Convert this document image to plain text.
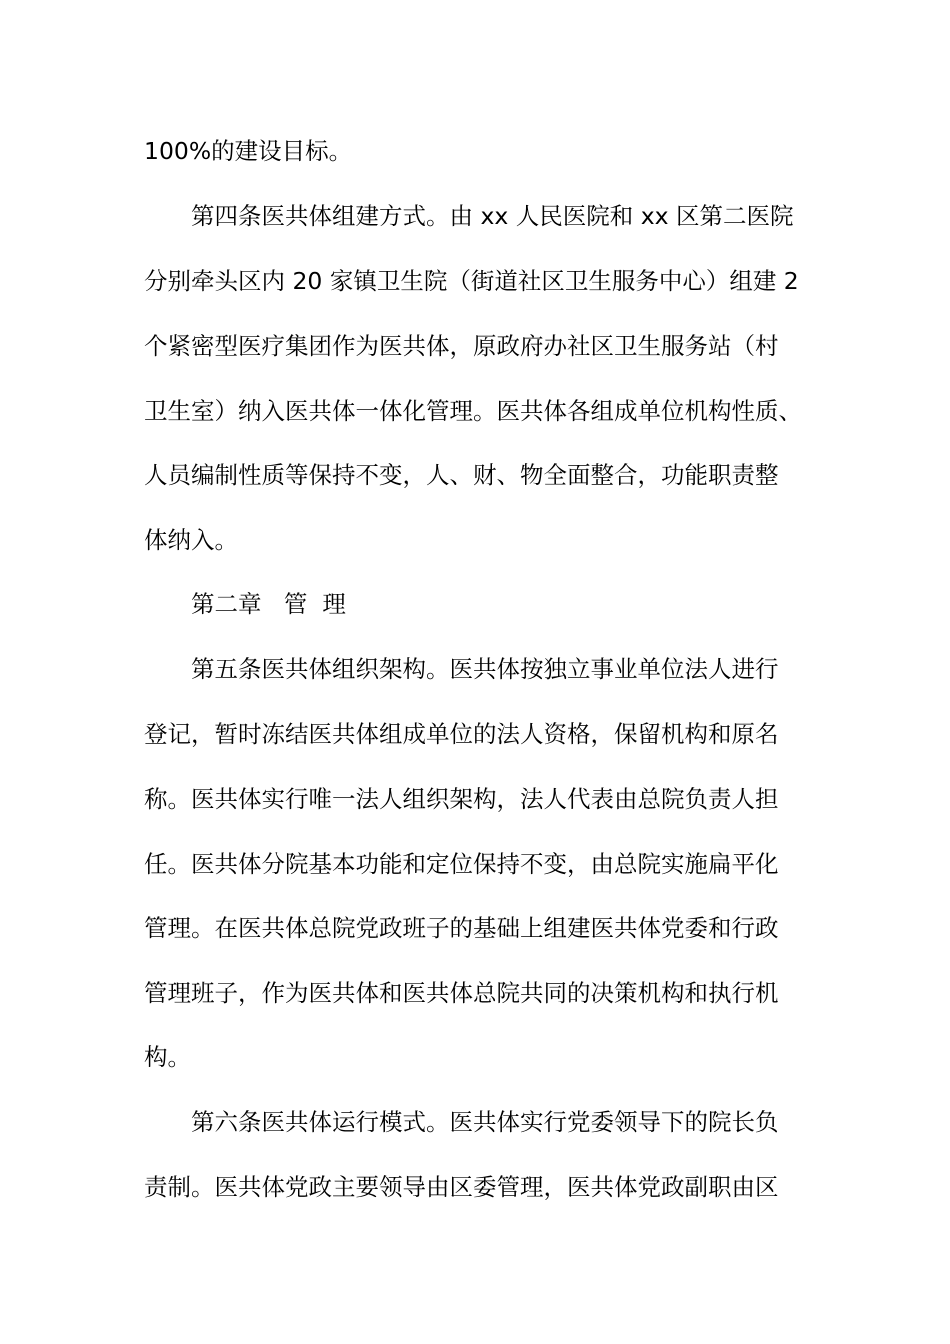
100%的建设目标。
第四条医共体组建方式。由 xx 人民医院和 xx 区第二医院
分别牵头区内 20 家镇卫生院（街道社区卫生服务中心）组建 2
个紧密型医疗集团作为医共体，原政府办社区卫生服务站（村
卫生室）纳入医共体一体化管理。医共体各组成单位机构性质、
人员编制性质等保持不变，人、财、物全面整合，功能职责整
体纳入。
第二章   管  理
第五条医共体组织架构。医共体按独立事业单位法人进行
登记，暂时冻结医共体组成单位的法人资格，保留机构和原名
称。医共体实行唯一法人组织架构，法人代表由总院负责人担
任。医共体分院基本功能和定位保持不变，由总院实施扁平化
管理。在医共体总院党政班子的基础上组建医共体党委和行政
管理班子，作为医共体和医共体总院共同的决策机构和执行机
构。
第六条医共体运行模式。医共体实行党委领导下的院长负
责制。医共体党政主要领导由区委管理，医共体党政副职由区
